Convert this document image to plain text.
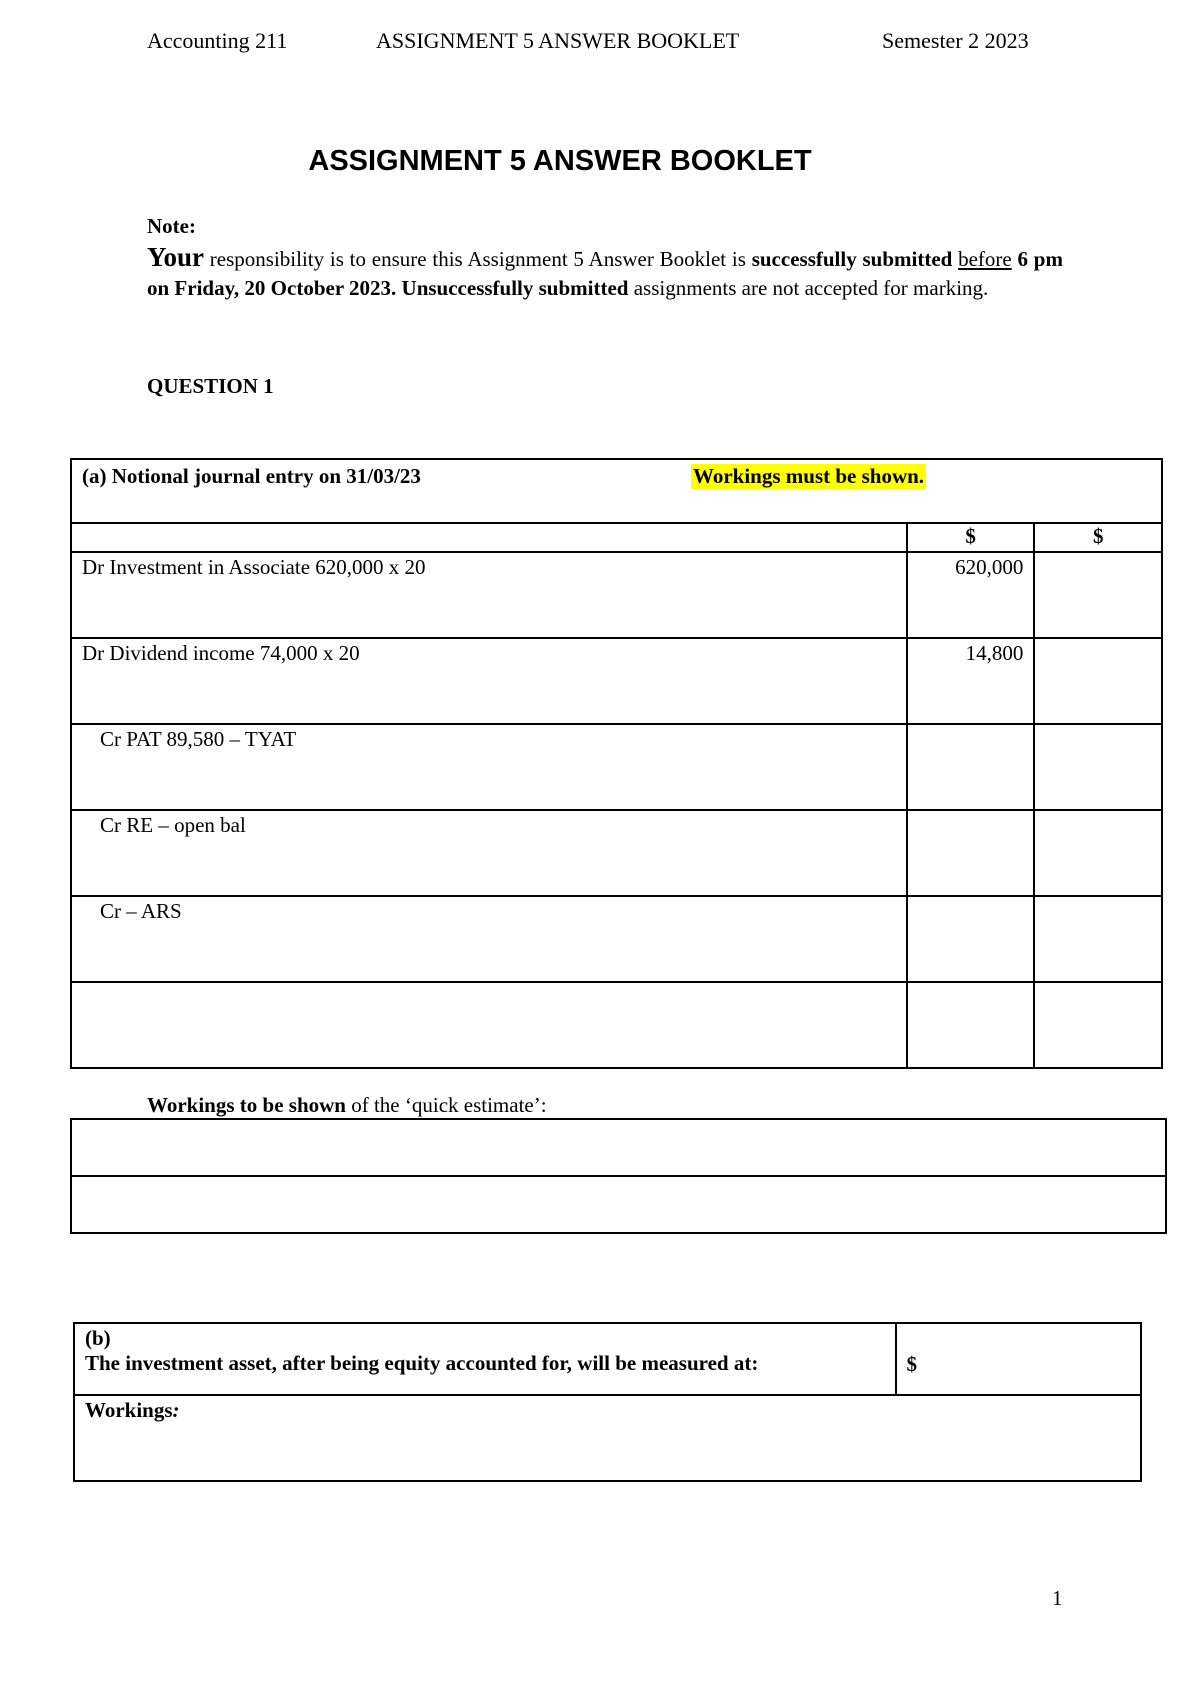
Accounting 211	ASSIGNMENT 5 ANSWER BOOKLET	Semester 2 2023
ASSIGNMENT 5 ANSWER BOOKLET
Note:
Your responsibility is to ensure this Assignment 5 Answer Booklet is successfully submitted before 6 pm on Friday, 20 October 2023. Unsuccessfully submitted assignments are not accepted for marking.
QUESTION 1
(a) Notional journal entry on 31/03/23 Workings must be shown.		

	$	$
Dr Investment in Associate 620,000 x 20	620,000	
Dr Dividend income 74,000 x 20	14,800	
Cr PAT 89,580 – TYAT		
Cr RE – open bal		
Cr – ARS		

Workings to be shown of the ‘quick estimate’:

(b)
The investment asset, after being equity accounted for, will be measured at:	$
Workings:
1
